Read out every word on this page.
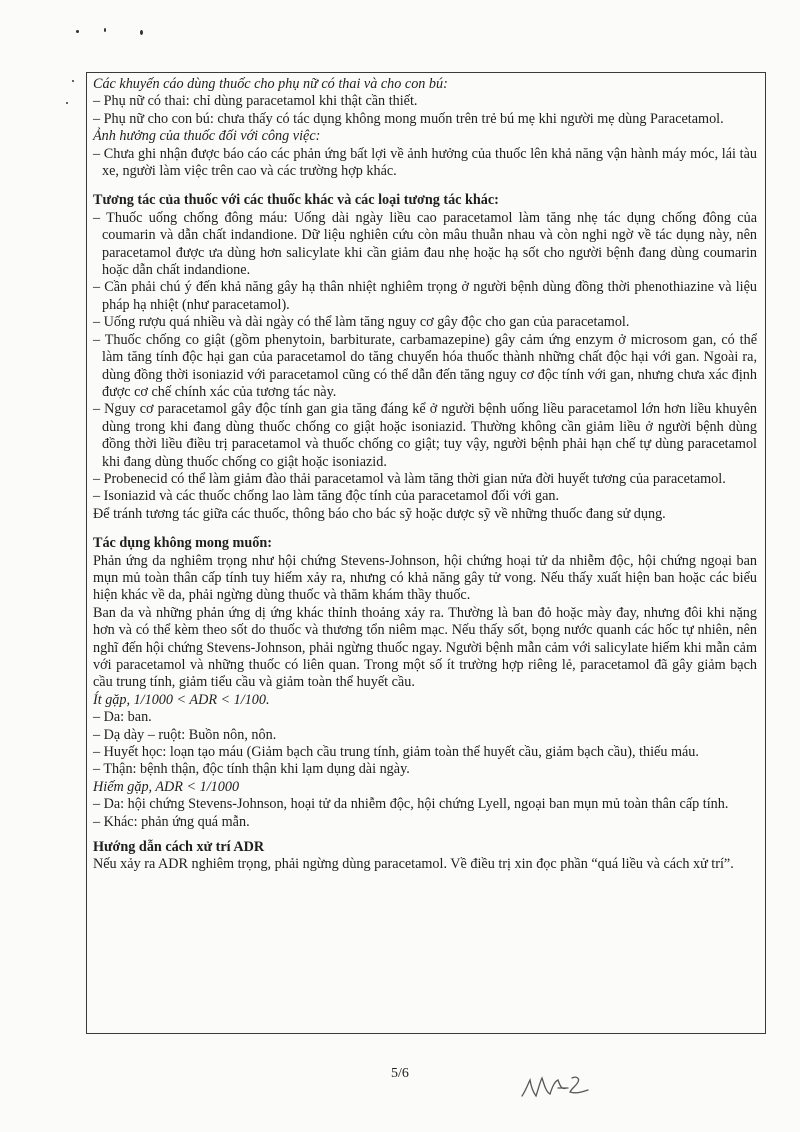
Các khuyến cáo dùng thuốc cho phụ nữ có thai và cho con bú:

– Phụ nữ có thai: chỉ dùng paracetamol khi thật cần thiết.

– Phụ nữ cho con bú: chưa thấy có tác dụng không mong muốn trên trẻ bú mẹ khi người mẹ dùng Paracetamol.

Ảnh hưởng của thuốc đối với công việc:

– Chưa ghi nhận được báo cáo các phản ứng bất lợi về ảnh hưởng của thuốc lên khả năng vận hành máy móc, lái tàu xe, người làm việc trên cao và các trường hợp khác.

Tương tác của thuốc với các thuốc khác và các loại tương tác khác:

– Thuốc uống chống đông máu: Uống dài ngày liều cao paracetamol làm tăng nhẹ tác dụng chống đông của coumarin và dẫn chất indandione. Dữ liệu nghiên cứu còn mâu thuẫn nhau và còn nghi ngờ về tác dụng này, nên paracetamol được ưa dùng hơn salicylate khi cần giảm đau nhẹ hoặc hạ sốt cho người bệnh đang dùng coumarin hoặc dẫn chất indandione.

– Cần phải chú ý đến khả năng gây hạ thân nhiệt nghiêm trọng ở người bệnh dùng đồng thời phenothiazine và liệu pháp hạ nhiệt (như paracetamol).

– Uống rượu quá nhiều và dài ngày có thể làm tăng nguy cơ gây độc cho gan của paracetamol.

– Thuốc chống co giật (gồm phenytoin, barbiturate, carbamazepine) gây cảm ứng enzym ở microsom gan, có thể làm tăng tính độc hại gan của paracetamol do tăng chuyển hóa thuốc thành những chất độc hại với gan. Ngoài ra, dùng đồng thời isoniazid với paracetamol cũng có thể dẫn đến tăng nguy cơ độc tính với gan, nhưng chưa xác định được cơ chế chính xác của tương tác này.

– Nguy cơ paracetamol gây độc tính gan gia tăng đáng kể ở người bệnh uống liều paracetamol lớn hơn liều khuyên dùng trong khi đang dùng thuốc chống co giật hoặc isoniazid. Thường không cần giảm liều ở người bệnh dùng đồng thời liều điều trị paracetamol và thuốc chống co giật; tuy vậy, người bệnh phải hạn chế tự dùng paracetamol khi đang dùng thuốc chống co giật hoặc isoniazid.

– Probenecid có thể làm giảm đào thải paracetamol và làm tăng thời gian nửa đời huyết tương của paracetamol.

– Isoniazid và các thuốc chống lao làm tăng độc tính của paracetamol đối với gan.

Để tránh tương tác giữa các thuốc, thông báo cho bác sỹ hoặc dược sỹ về những thuốc đang sử dụng.

Tác dụng không mong muốn:

Phản ứng da nghiêm trọng như hội chứng Stevens-Johnson, hội chứng hoại tử da nhiễm độc, hội chứng ngoại ban mụn mủ toàn thân cấp tính tuy hiếm xảy ra, nhưng có khả năng gây tử vong. Nếu thấy xuất hiện ban hoặc các biểu hiện khác về da, phải ngừng dùng thuốc và thăm khám thầy thuốc.

Ban da và những phản ứng dị ứng khác thỉnh thoảng xảy ra. Thường là ban đỏ hoặc mày đay, nhưng đôi khi nặng hơn và có thể kèm theo sốt do thuốc và thương tổn niêm mạc. Nếu thấy sốt, bọng nước quanh các hốc tự nhiên, nên nghĩ đến hội chứng Stevens-Johnson, phải ngừng thuốc ngay. Người bệnh mẫn cảm với salicylate hiếm khi mẫn cảm với paracetamol và những thuốc có liên quan. Trong một số ít trường hợp riêng lẻ, paracetamol đã gây giảm bạch cầu trung tính, giảm tiểu cầu và giảm toàn thể huyết cầu.

Ít gặp, 1/1000 < ADR < 1/100.

– Da: ban.

– Dạ dày – ruột: Buồn nôn, nôn.

– Huyết học: loạn tạo máu (Giảm bạch cầu trung tính, giảm toàn thể huyết cầu, giảm bạch cầu), thiếu máu.

– Thận: bệnh thận, độc tính thận khi lạm dụng dài ngày.

Hiếm gặp, ADR < 1/1000

– Da: hội chứng Stevens-Johnson, hoại tử da nhiễm độc, hội chứng Lyell, ngoại ban mụn mủ toàn thân cấp tính.

– Khác: phản ứng quá mẫn.

Hướng dẫn cách xử trí ADR

Nếu xảy ra ADR nghiêm trọng, phải ngừng dùng paracetamol. Về điều trị xin đọc phần “quá liều và cách xử trí”.

5/6
